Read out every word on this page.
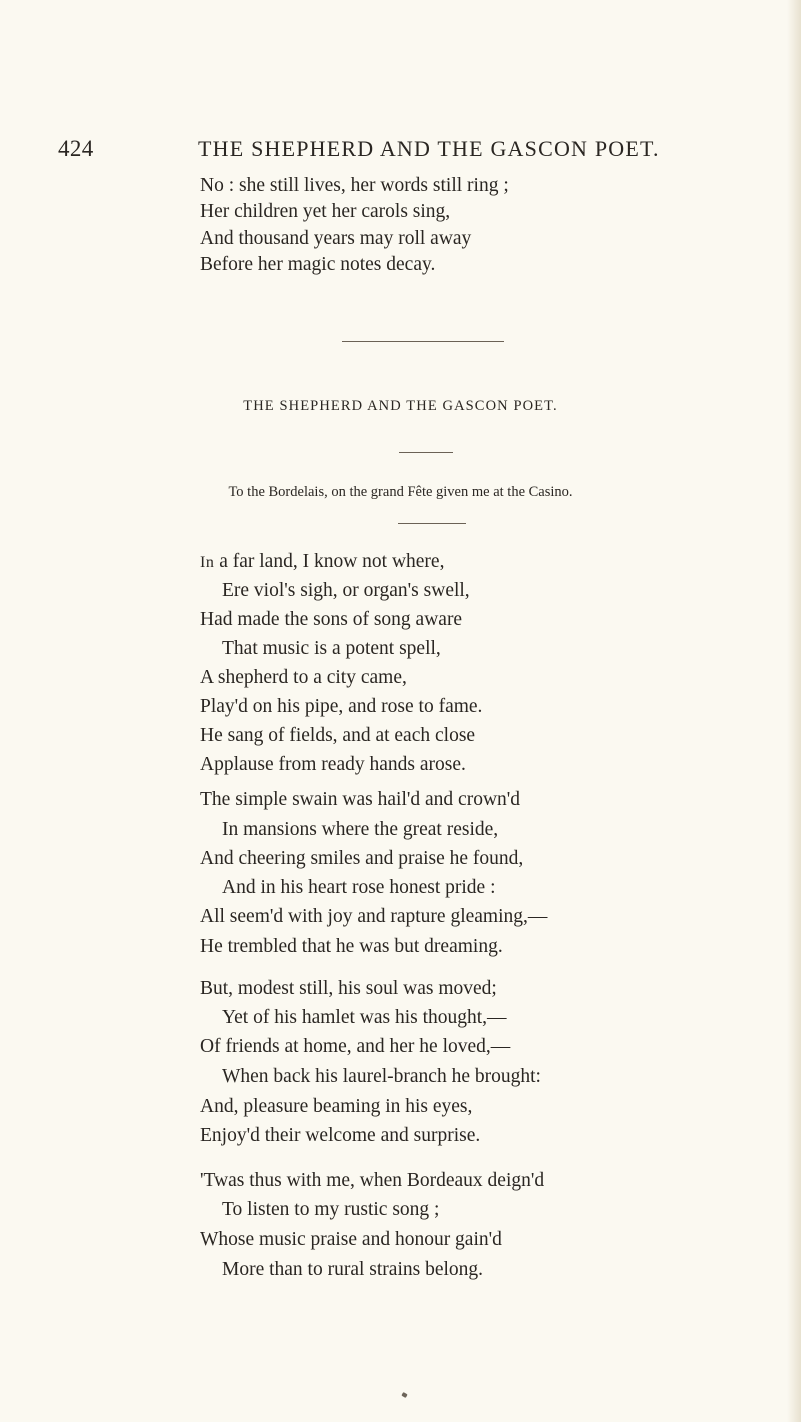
424	THE SHEPHERD AND THE GASCON POET.
No : she still lives, her words still ring ;
Her children yet her carols sing,
And thousand years may roll away
Before her magic notes decay.
THE SHEPHERD AND THE GASCON POET.
To the Bordelais, on the grand Fête given me at the Casino.
In a far land, I know not where,
Ere viol's sigh, or organ's swell,
Had made the sons of song aware
That music is a potent spell,
A shepherd to a city came,
Play'd on his pipe, and rose to fame.
He sang of fields, and at each close
Applause from ready hands arose.
The simple swain was hail'd and crown'd
In mansions where the great reside,
And cheering smiles and praise he found,
And in his heart rose honest pride :
All seem'd with joy and rapture gleaming,—
He trembled that he was but dreaming.
But, modest still, his soul was moved;
Yet of his hamlet was his thought,—
Of friends at home, and her he loved,—
When back his laurel-branch he brought:
And, pleasure beaming in his eyes,
Enjoy'd their welcome and surprise.
'Twas thus with me, when Bordeaux deign'd
To listen to my rustic song ;
Whose music praise and honour gain'd
More than to rural strains belong.
